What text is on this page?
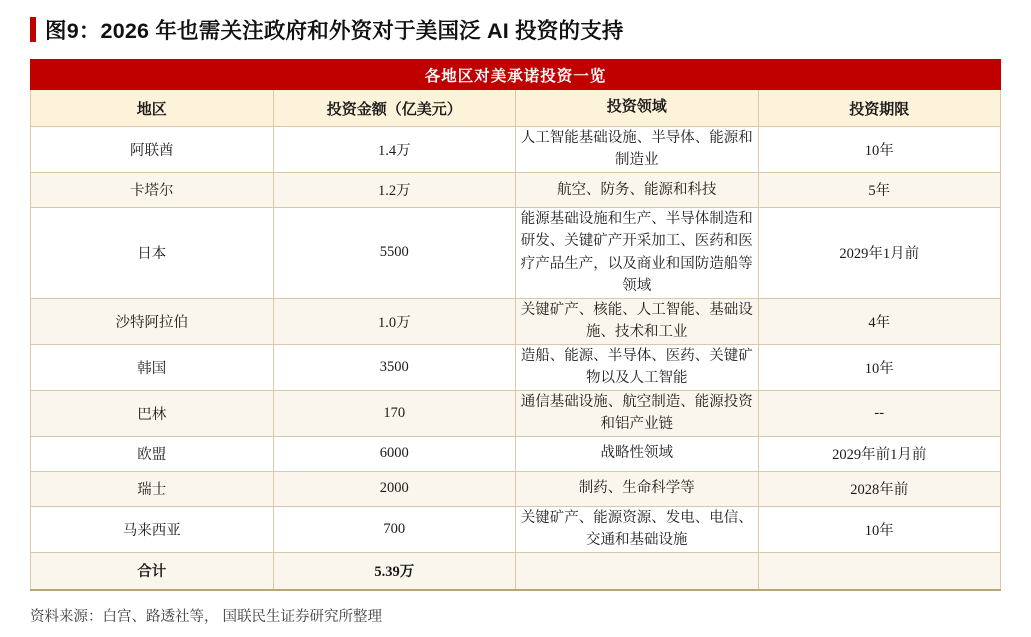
图9：2026 年也需关注政府和外资对于美国泛 AI 投资的支持
各地区对美承诺投资一览			
地区	投资金额（亿美元）	投资领域	投资期限
阿联酋	1.4万	人工智能基础设施、半导体、能源和制造业	10年
卡塔尔	1.2万	航空、防务、能源和科技	5年
日本	5500	能源基础设施和生产、半导体制造和研发、关键矿产开采加工、医药和医疗产品生产，以及商业和国防造船等领域	2029年1月前
沙特阿拉伯	1.0万	关键矿产、核能、人工智能、基础设施、技术和工业	4年
韩国	3500	造船、能源、半导体、医药、关键矿物以及人工智能	10年
巴林	170	通信基础设施、航空制造、能源投资和铝产业链	--
欧盟	6000	战略性领域	2029年前1月前
瑞士	2000	制药、生命科学等	2028年前
马来西亚	700	关键矿产、能源资源、发电、电信、交通和基础设施	10年
合计	5.39万		
资料来源：白宫、路透社等， 国联民生证券研究所整理
